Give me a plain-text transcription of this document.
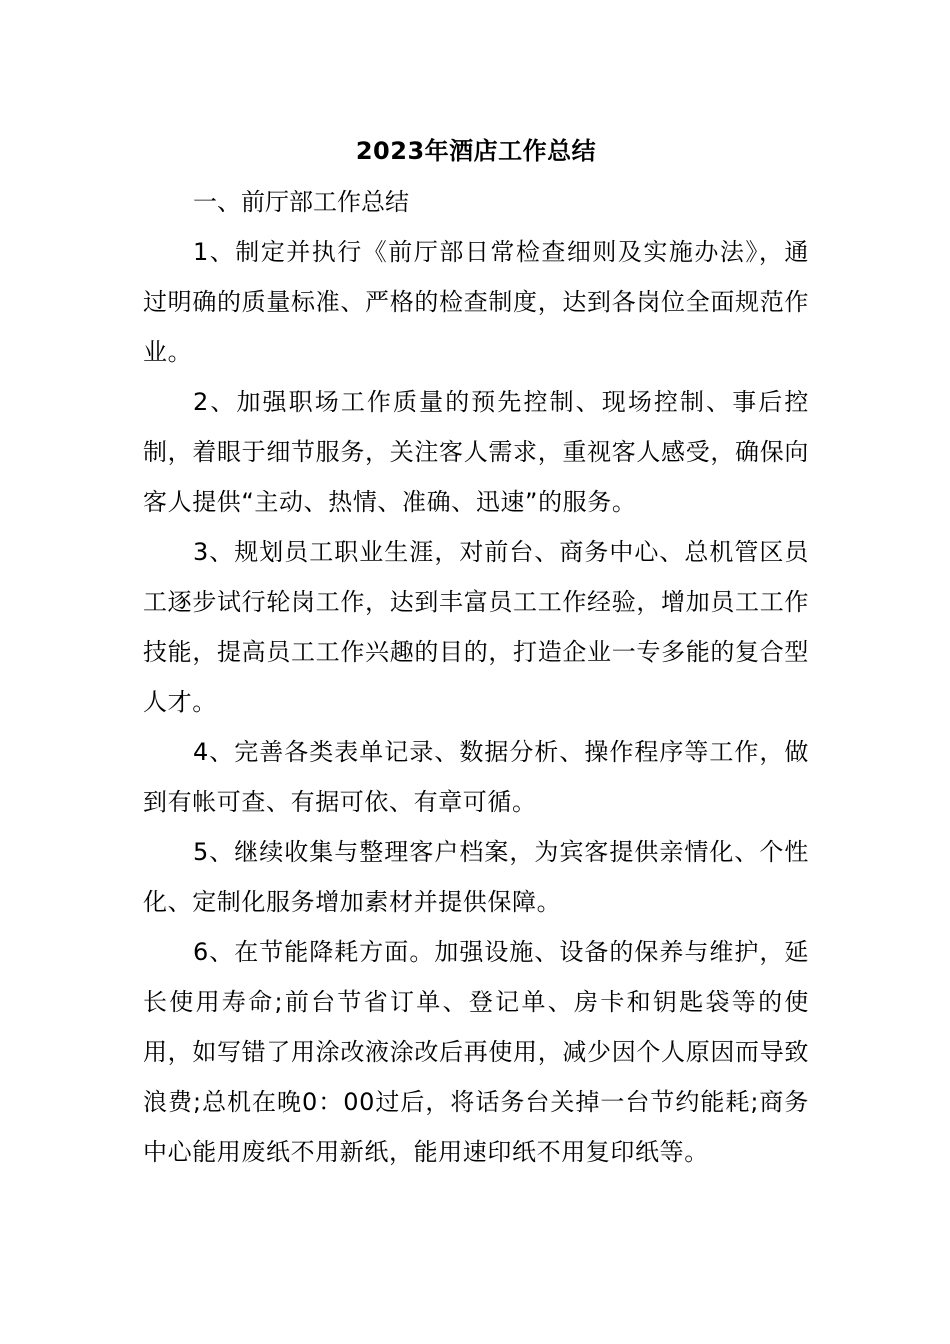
2023年酒店工作总结

一、前厅部工作总结

1、制定并执行《前厅部日常检查细则及实施办法》，通过明确的质量标准、严格的检查制度，达到各岗位全面规范作业。

2、加强职场工作质量的预先控制、现场控制、事后控制，着眼于细节服务，关注客人需求，重视客人感受，确保向客人提供“主动、热情、准确、迅速”的服务。

3、规划员工职业生涯，对前台、商务中心、总机管区员工逐步试行轮岗工作，达到丰富员工工作经验，增加员工工作技能，提高员工工作兴趣的目的，打造企业一专多能的复合型人才。

4、完善各类表单记录、数据分析、操作程序等工作，做到有帐可查、有据可依、有章可循。

5、继续收集与整理客户档案，为宾客提供亲情化、个性化、定制化服务增加素材并提供保障。

6、在节能降耗方面。加强设施、设备的保养与维护，延长使用寿命;前台节省订单、登记单、房卡和钥匙袋等的使用，如写错了用涂改液涂改后再使用，减少因个人原因而导致浪费;总机在晚0：00过后，将话务台关掉一台节约能耗;商务中心能用废纸不用新纸，能用速印纸不用复印纸等。
